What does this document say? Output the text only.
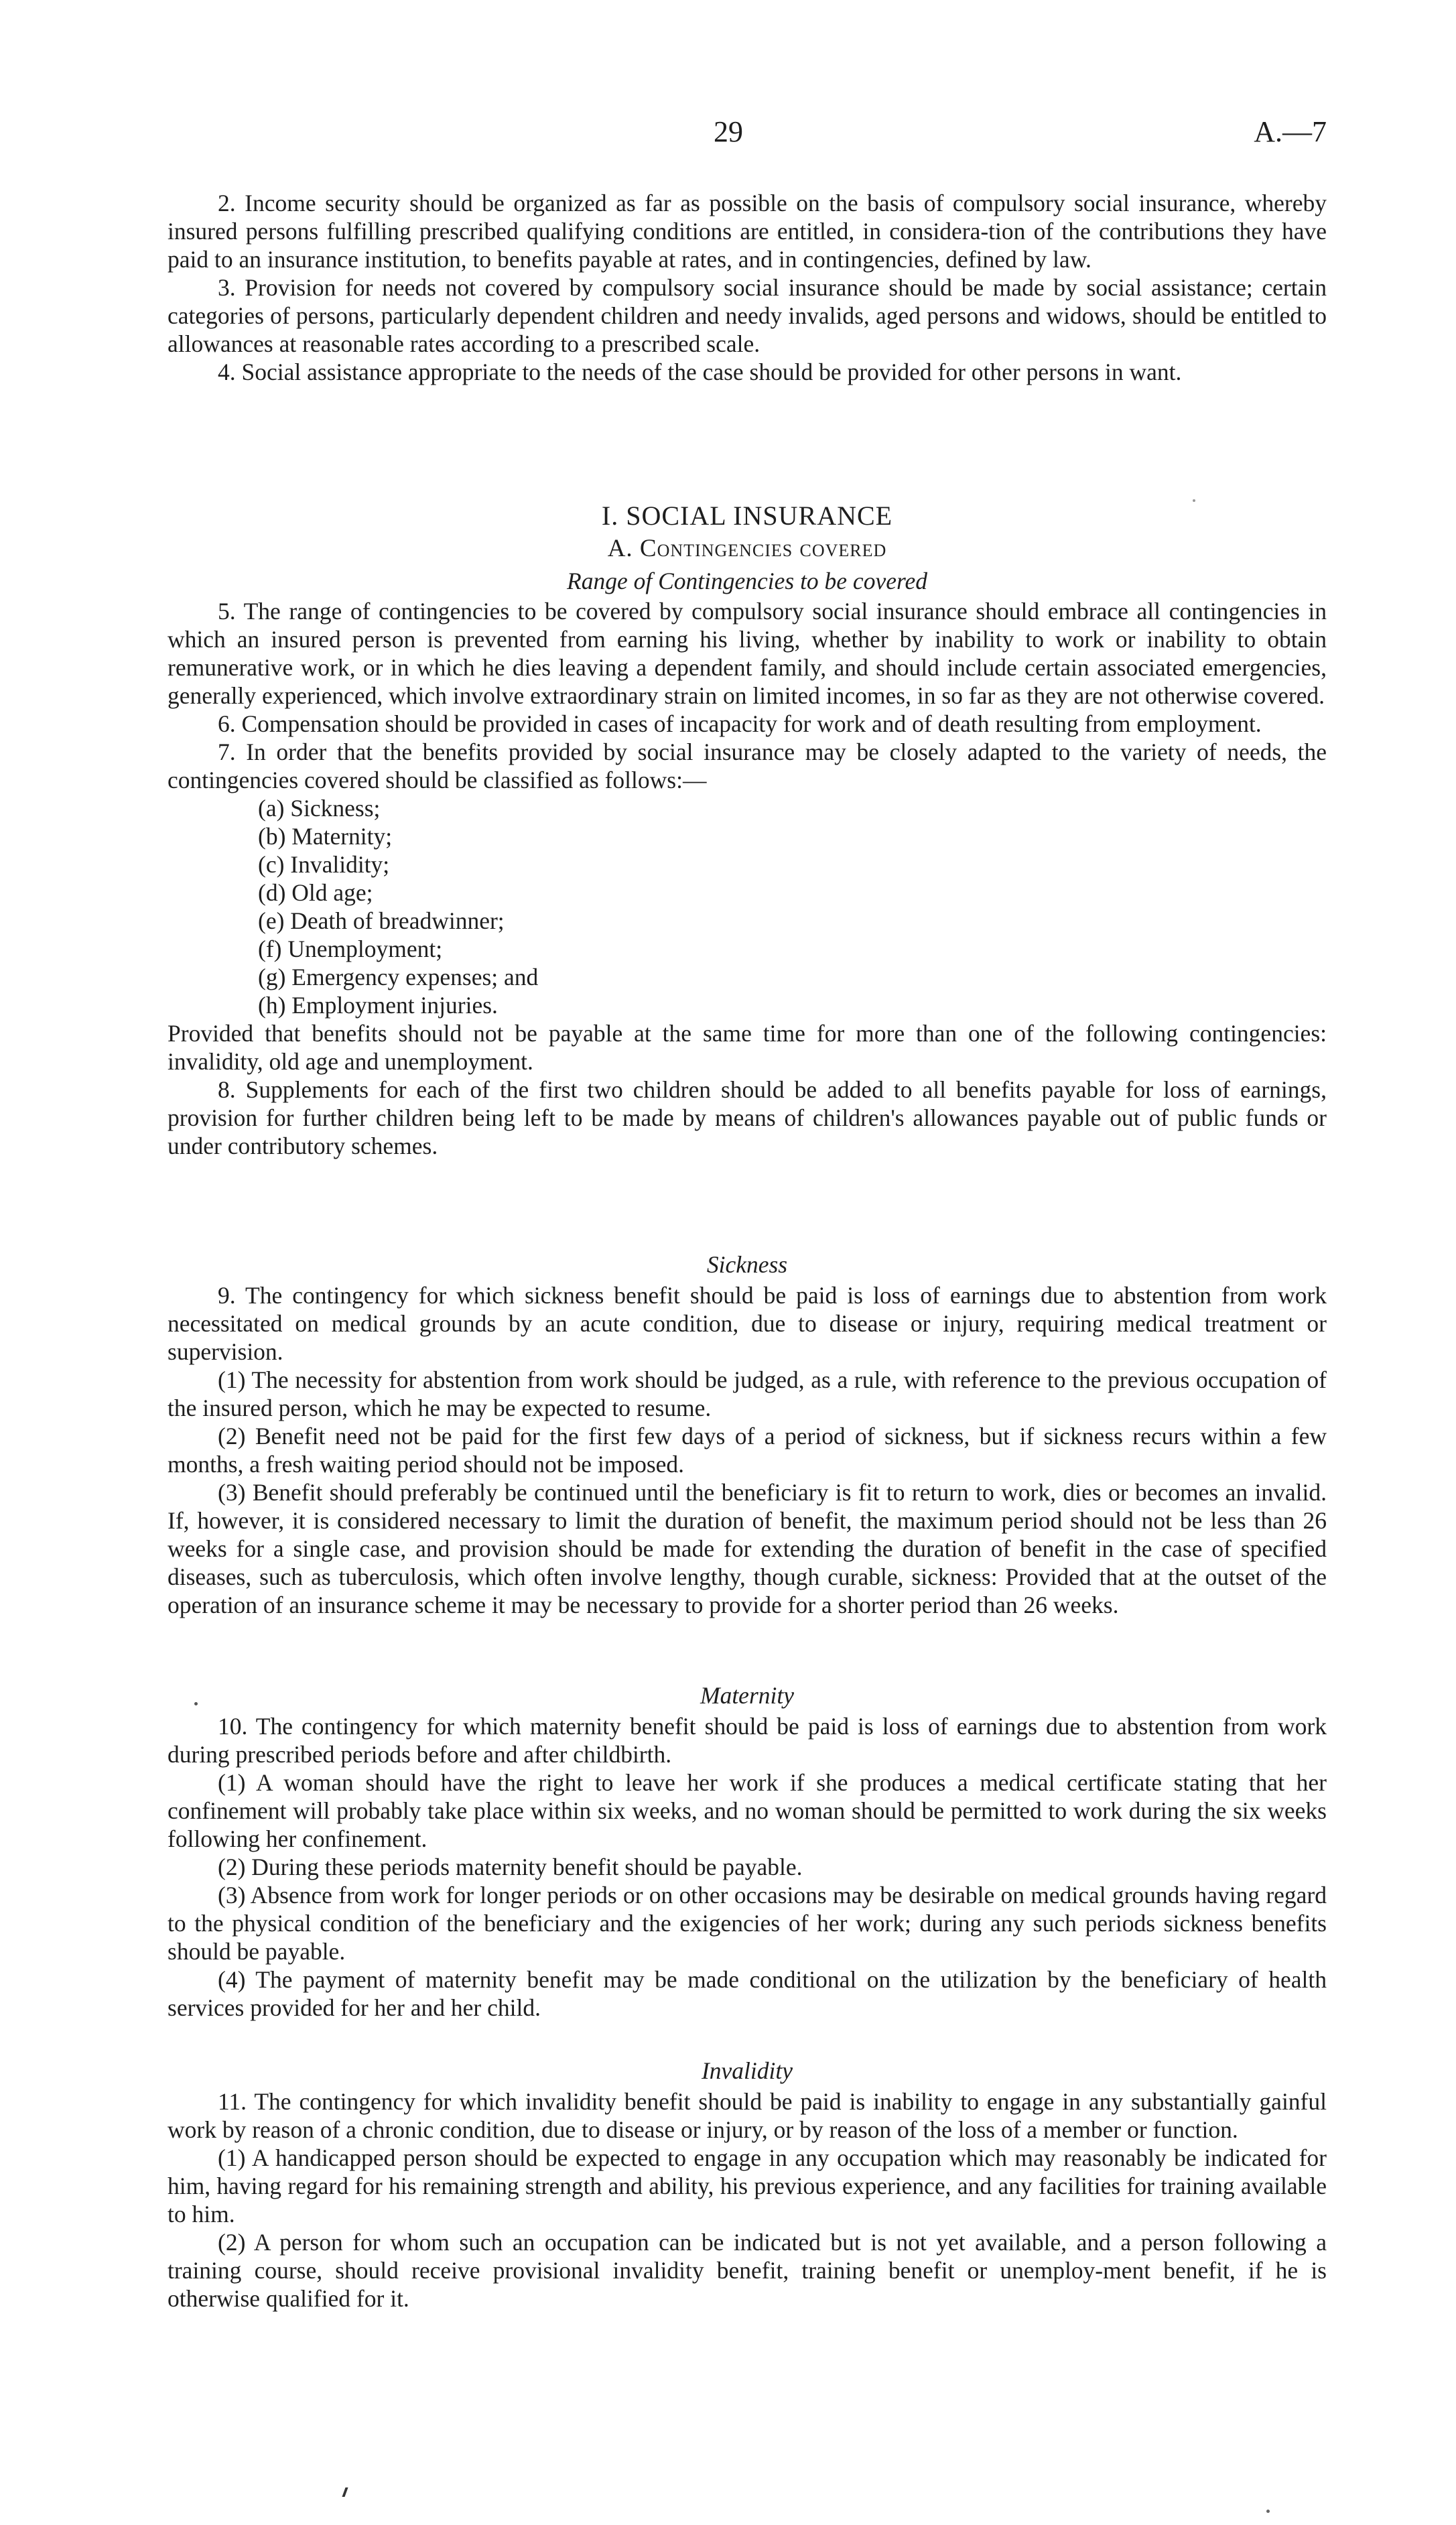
29	A.—7

2. Income security should be organized as far as possible on the basis of compulsory social insurance, whereby insured persons fulfilling prescribed qualifying conditions are entitled, in considera-tion of the contributions they have paid to an insurance institution, to benefits payable at rates, and in contingencies, defined by law.

3. Provision for needs not covered by compulsory social insurance should be made by social assistance; certain categories of persons, particularly dependent children and needy invalids, aged persons and widows, should be entitled to allowances at reasonable rates according to a prescribed scale.

4. Social assistance appropriate to the needs of the case should be provided for other persons in want.

I. SOCIAL INSURANCE

A. Contingencies covered

Range of Contingencies to be covered

5. The range of contingencies to be covered by compulsory social insurance should embrace all contingencies in which an insured person is prevented from earning his living, whether by inability to work or inability to obtain remunerative work, or in which he dies leaving a dependent family, and should include certain associated emergencies, generally experienced, which involve extraordinary strain on limited incomes, in so far as they are not otherwise covered.

6. Compensation should be provided in cases of incapacity for work and of death resulting from employment.

7. In order that the benefits provided by social insurance may be closely adapted to the variety of needs, the contingencies covered should be classified as follows:—

(a) Sickness;
(b) Maternity;
(c) Invalidity;
(d) Old age;
(e) Death of breadwinner;
(f) Unemployment;
(g) Emergency expenses; and
(h) Employment injuries.

Provided that benefits should not be payable at the same time for more than one of the following contingencies: invalidity, old age and unemployment.

8. Supplements for each of the first two children should be added to all benefits payable for loss of earnings, provision for further children being left to be made by means of children's allowances payable out of public funds or under contributory schemes.

Sickness

9. The contingency for which sickness benefit should be paid is loss of earnings due to abstention from work necessitated on medical grounds by an acute condition, due to disease or injury, requiring medical treatment or supervision.

(1) The necessity for abstention from work should be judged, as a rule, with reference to the previous occupation of the insured person, which he may be expected to resume.

(2) Benefit need not be paid for the first few days of a period of sickness, but if sickness recurs within a few months, a fresh waiting period should not be imposed.

(3) Benefit should preferably be continued until the beneficiary is fit to return to work, dies or becomes an invalid. If, however, it is considered necessary to limit the duration of benefit, the maximum period should not be less than 26 weeks for a single case, and provision should be made for extending the duration of benefit in the case of specified diseases, such as tuberculosis, which often involve lengthy, though curable, sickness: Provided that at the outset of the operation of an insurance scheme it may be necessary to provide for a shorter period than 26 weeks.

Maternity

10. The contingency for which maternity benefit should be paid is loss of earnings due to abstention from work during prescribed periods before and after childbirth.

(1) A woman should have the right to leave her work if she produces a medical certificate stating that her confinement will probably take place within six weeks, and no woman should be permitted to work during the six weeks following her confinement.

(2) During these periods maternity benefit should be payable.

(3) Absence from work for longer periods or on other occasions may be desirable on medical grounds having regard to the physical condition of the beneficiary and the exigencies of her work; during any such periods sickness benefits should be payable.

(4) The payment of maternity benefit may be made conditional on the utilization by the beneficiary of health services provided for her and her child.

Invalidity

11. The contingency for which invalidity benefit should be paid is inability to engage in any substantially gainful work by reason of a chronic condition, due to disease or injury, or by reason of the loss of a member or function.

(1) A handicapped person should be expected to engage in any occupation which may reasonably be indicated for him, having regard for his remaining strength and ability, his previous experience, and any facilities for training available to him.

(2) A person for whom such an occupation can be indicated but is not yet available, and a person following a training course, should receive provisional invalidity benefit, training benefit or unemploy-ment benefit, if he is otherwise qualified for it.
